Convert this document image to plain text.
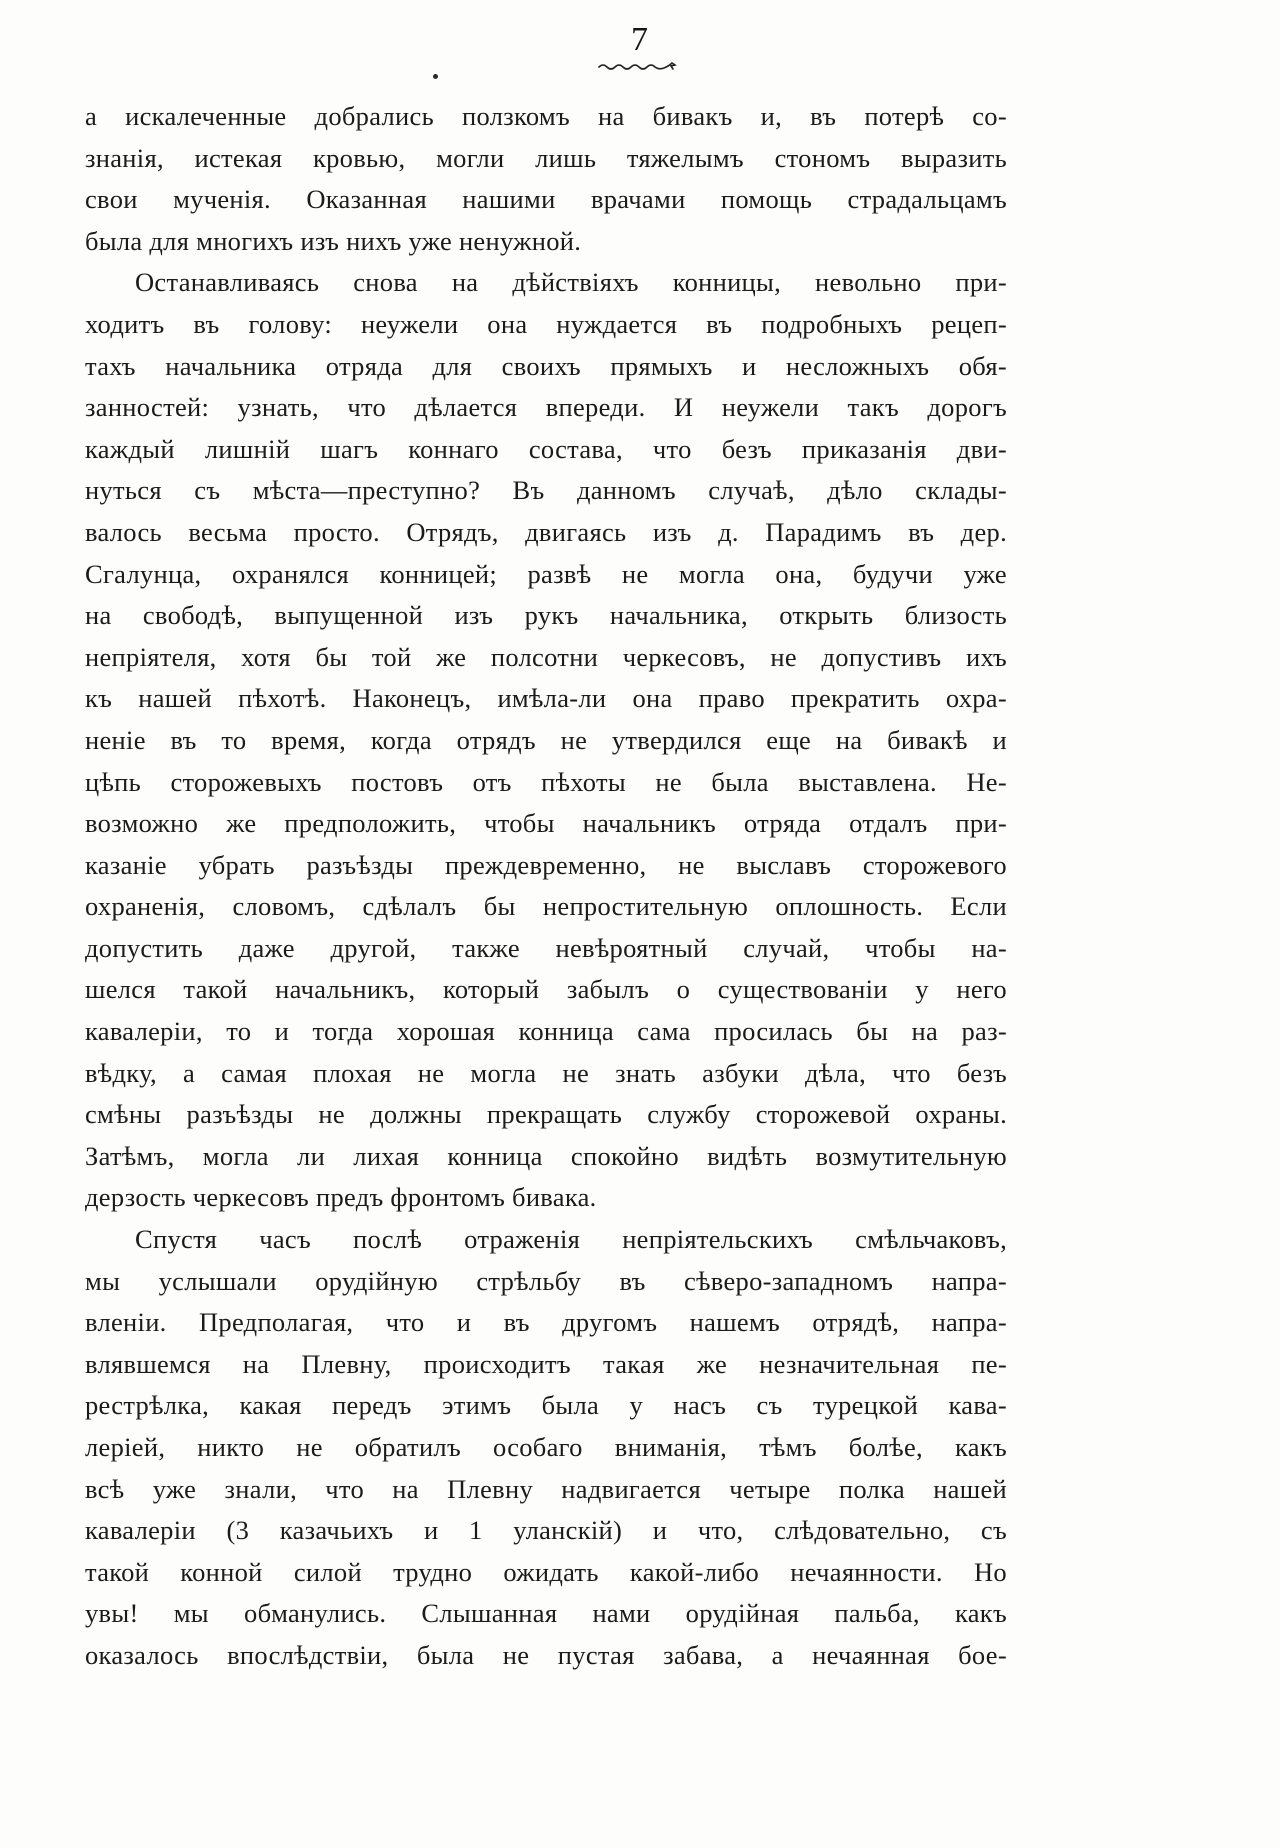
7
а искалеченные добрались ползкомъ на бивакъ и, въ потерѣ со-
знанія, истекая кровью, могли лишь тяжелымъ стономъ выразить
свои мученія. Оказанная нашими врачами помощь страдальцамъ
была для многихъ изъ нихъ уже ненужной.
Останавливаясь снова на дѣйствіяхъ конницы, невольно при-
ходитъ въ голову: неужели она нуждается въ подробныхъ рецеп-
тахъ начальника отряда для своихъ прямыхъ и несложныхъ обя-
занностей: узнать, что дѣлается впереди. И неужели такъ дорогъ
каждый лишній шагъ коннаго состава, что безъ приказанія дви-
нуться съ мѣста—преступно? Въ данномъ случаѣ, дѣло склады-
валось весьма просто. Отрядъ, двигаясь изъ д. Парадимъ въ дер.
Сгалунца, охранялся конницей; развѣ не могла она, будучи уже
на свободѣ, выпущенной изъ рукъ начальника, открыть близость
непріятеля, хотя бы той же полсотни черкесовъ, не допустивъ ихъ
къ нашей пѣхотѣ. Наконецъ, имѣла-ли она право прекратить охра-
неніе въ то время, когда отрядъ не утвердился еще на бивакѣ и
цѣпь сторожевыхъ постовъ отъ пѣхоты не была выставлена. Не-
возможно же предположить, чтобы начальникъ отряда отдалъ при-
казаніе убрать разъѣзды преждевременно, не выславъ сторожевого
охраненія, словомъ, сдѣлалъ бы непростительную оплошность. Если
допустить даже другой, также невѣроятный случай, чтобы на-
шелся такой начальникъ, который забылъ о существованіи у него
кавалеріи, то и тогда хорошая конница сама просилась бы на раз-
вѣдку, а самая плохая не могла не знать азбуки дѣла, что безъ
смѣны разъѣзды не должны прекращать службу сторожевой охраны.
Затѣмъ, могла ли лихая конница спокойно видѣть возмутительную
дерзость черкесовъ предъ фронтомъ бивака.
Спустя часъ послѣ отраженія непріятельскихъ смѣльчаковъ,
мы услышали орудійную стрѣльбу въ сѣверо-западномъ напра-
вленіи. Предполагая, что и въ другомъ нашемъ отрядѣ, напра-
влявшемся на Плевну, происходитъ такая же незначительная пе-
рестрѣлка, какая передъ этимъ была у насъ съ турецкой кава-
леріей, никто не обратилъ особаго вниманія, тѣмъ болѣе, какъ
всѣ уже знали, что на Плевну надвигается четыре полка нашей
кавалеріи (3 казачьихъ и 1 уланскій) и что, слѣдовательно, съ
такой конной силой трудно ожидать какой-либо нечаянности. Но
увы! мы обманулись. Слышанная нами орудійная пальба, какъ
оказалось впослѣдствіи, была не пустая забава, а нечаянная бое-
